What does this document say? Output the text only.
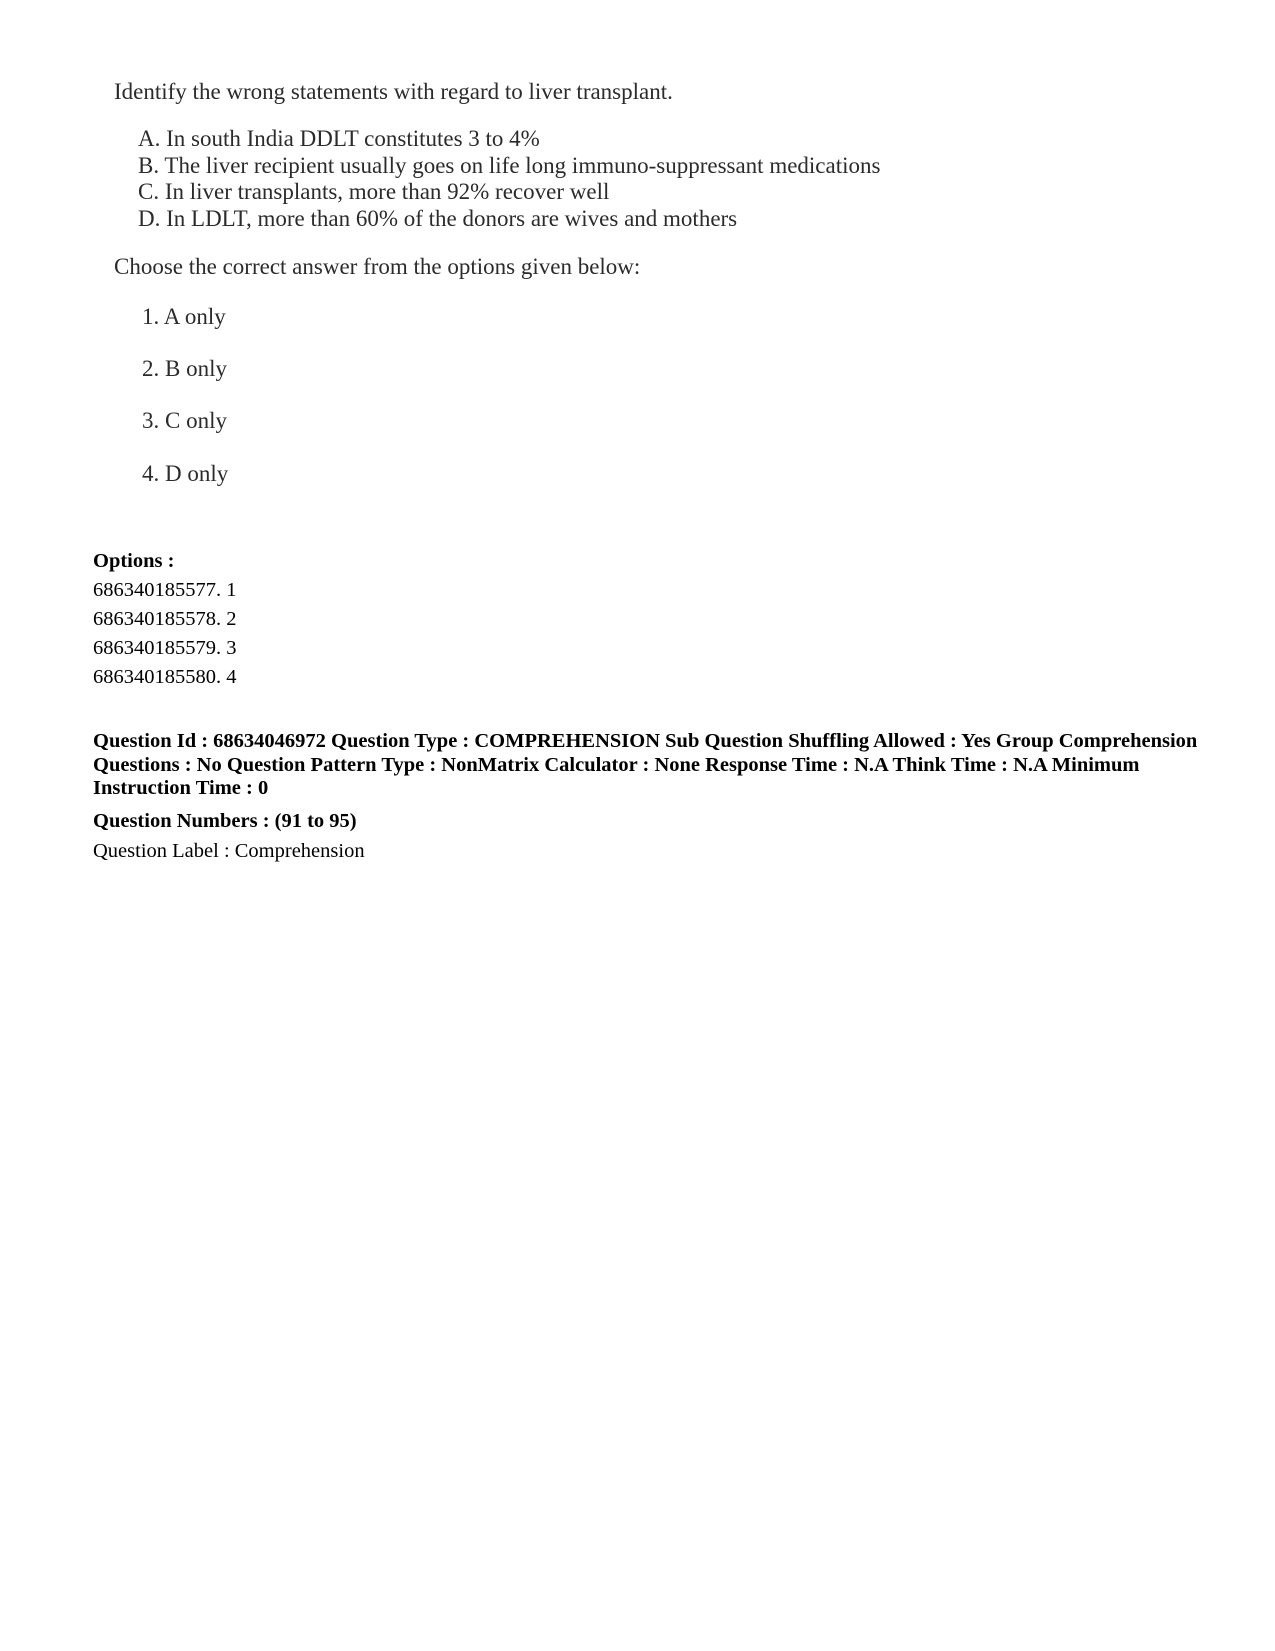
Identify the wrong statements with regard to liver transplant.

A. In south India DDLT constitutes 3 to 4%
B. The liver recipient usually goes on life long immuno-suppressant medications
C. In liver transplants, more than 92% recover well
D. In LDLT, more than 60% of the donors are wives and mothers

Choose the correct answer from the options given below:

1. A only
2. B only
3. C only
4. D only
Options :
686340185577. 1
686340185578. 2
686340185579. 3
686340185580. 4
Question Id : 68634046972 Question Type : COMPREHENSION Sub Question Shuffling Allowed : Yes Group Comprehension Questions : No Question Pattern Type : NonMatrix Calculator : None Response Time : N.A Think Time : N.A Minimum Instruction Time : 0
Question Numbers : (91 to 95)
Question Label : Comprehension
